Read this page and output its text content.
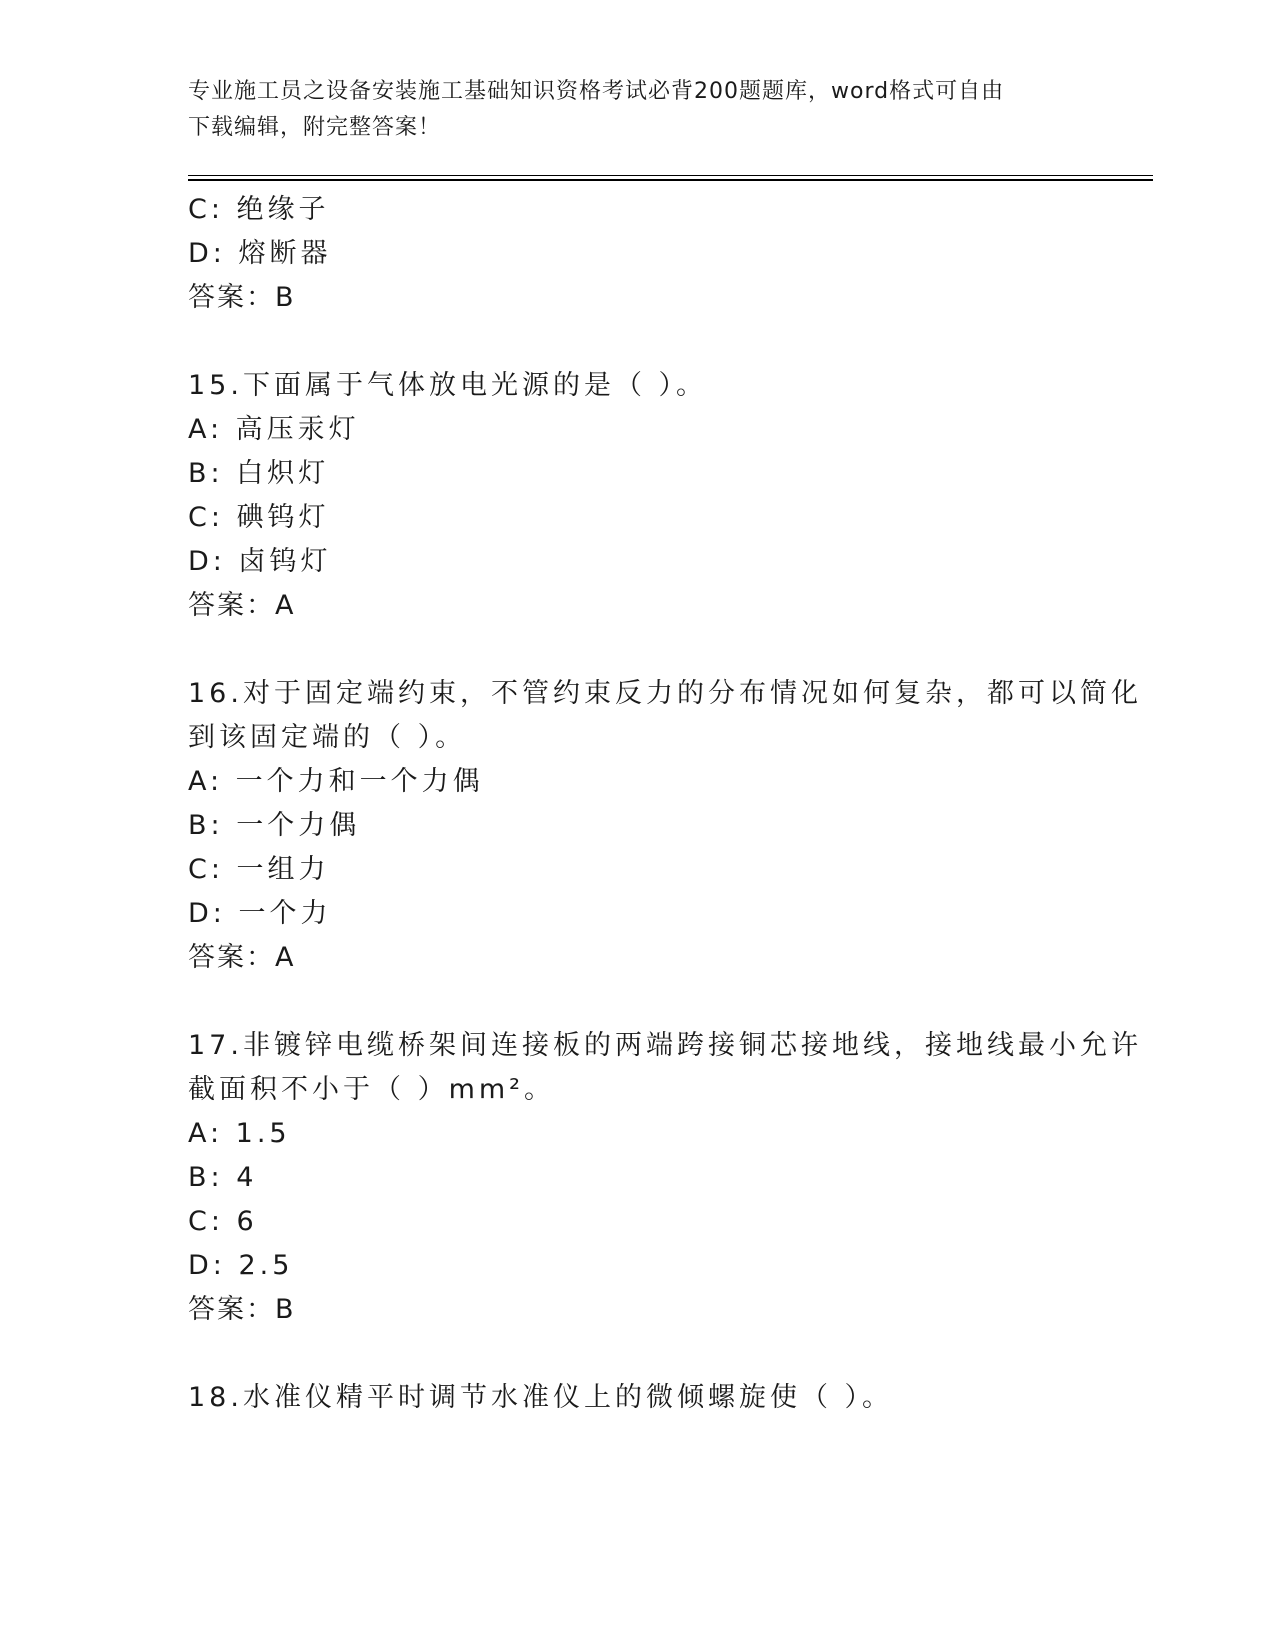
专业施工员之设备安装施工基础知识资格考试必背200题题库，word格式可自由
下载编辑，附完整答案！
C: 绝缘子
D: 熔断器
答案：B
15.下面属于气体放电光源的是（ ）。
A: 高压汞灯
B: 白炽灯
C: 碘钨灯
D: 卤钨灯
答案：A
16.对于固定端约束，不管约束反力的分布情况如何复杂，都可以简化
到该固定端的（ ）。
A: 一个力和一个力偶
B: 一个力偶
C: 一组力
D: 一个力
答案：A
17.非镀锌电缆桥架间连接板的两端跨接铜芯接地线，接地线最小允许
截面积不小于（ ）mm²。
A: 1.5
B: 4
C: 6
D: 2.5
答案：B
18.水准仪精平时调节水准仪上的微倾螺旋使（ ）。
